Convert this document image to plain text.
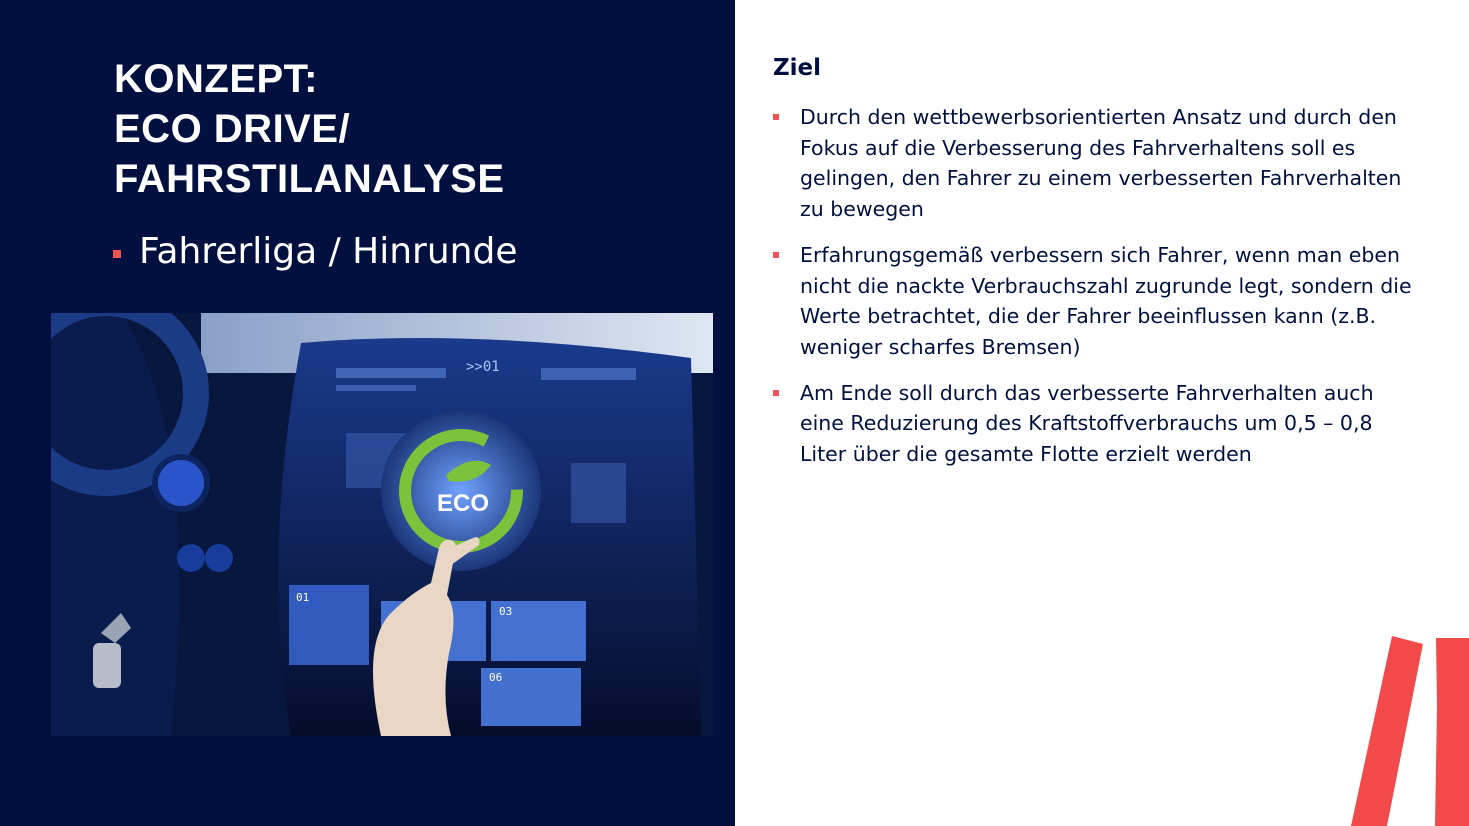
KONZEPT:
ECO DRIVE/
FAHRSTILANALYSE
Fahrerliga / Hinrunde
>>01
ECO
01
03
06
Ziel
Durch den wettbewerbsorientierten Ansatz und durch den Fokus auf die Verbesserung des Fahrverhaltens soll es gelingen, den Fahrer zu einem verbesserten Fahrverhalten zu bewegen
Erfahrungsgemäß verbessern sich Fahrer, wenn man eben nicht die nackte Verbrauchszahl zugrunde legt, sondern die Werte betrachtet, die der Fahrer beeinflussen kann (z.B. weniger scharfes Bremsen)
Am Ende soll durch das verbesserte Fahrverhalten auch eine Reduzierung des Kraftstoffverbrauchs um 0,5 – 0,8 Liter über die gesamte Flotte erzielt werden
